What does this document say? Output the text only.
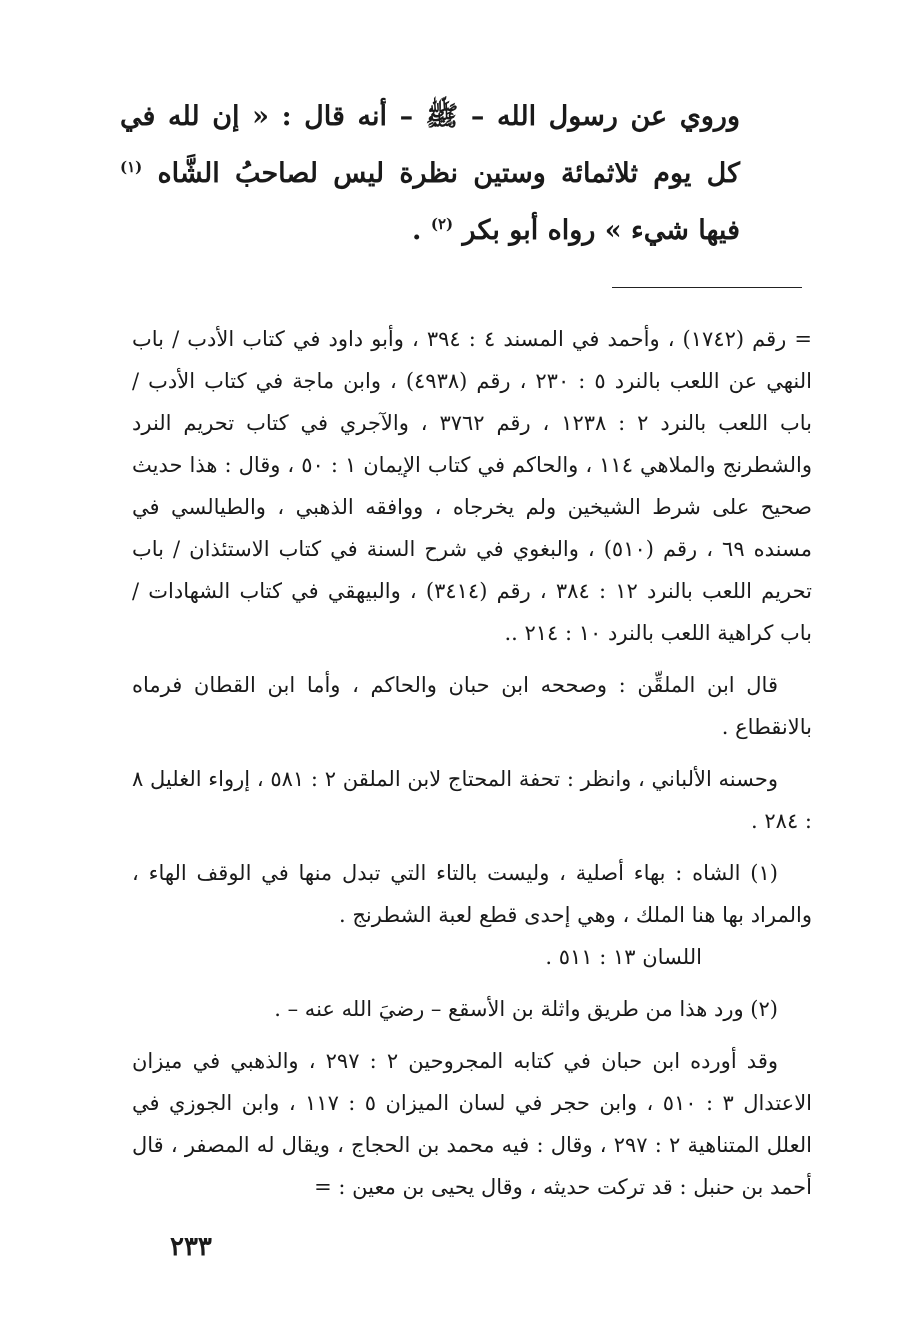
وروي عن رسول الله – ﷺ – أنه قال : « إن لله في كل يوم ثلاثمائة وستين نظرة ليس لصاحبُ الشَّاه $^{(١)}$ فيها شيء » رواه أبو بكر $^{(٢)}$ .

= رقم (١٧٤٢) ، وأحمد في المسند ٤ : ٣٩٤ ، وأبو داود في كتاب الأدب / باب النهي عن اللعب بالنرد ٥ : ٢٣٠ ، رقم (٤٩٣٨) ، وابن ماجة في كتاب الأدب / باب اللعب بالنرد ٢ : ١٢٣٨ ، رقم ٣٧٦٢ ، والآجري في كتاب تحريم النرد والشطرنج والملاهي ١١٤ ، والحاكم في كتاب الإيمان ١ : ٥٠ ، وقال : هذا حديث صحيح على شرط الشيخين ولم يخرجاه ، ووافقه الذهبي ، والطيالسي في مسنده ٦٩ ، رقم (٥١٠) ، والبغوي في شرح السنة في كتاب الاستئذان / باب تحريم اللعب بالنرد ١٢ : ٣٨٤ ، رقم (٣٤١٤) ، والبيهقي في كتاب الشهادات / باب كراهية اللعب بالنرد ١٠ : ٢١٤ ..

قال ابن الملقِّن : وصححه ابن حبان والحاكم ، وأما ابن القطان فرماه بالانقطاع .

وحسنه الألباني ، وانظر : تحفة المحتاج لابن الملقن ٢ : ٥٨١ ، إرواء الغليل ٨ : ٢٨٤ .

(١) الشاه : بهاء أصلية ، وليست بالتاء التي تبدل منها في الوقف الهاء ، والمراد بها هنا الملك ، وهي إحدى قطع لعبة الشطرنج .

اللسان ١٣ : ٥١١ .

(٢) ورد هذا من طريق واثلة بن الأسقع – رضيَ الله عنه – .

وقد أورده ابن حبان في كتابه المجروحين ٢ : ٢٩٧ ، والذهبي في ميزان الاعتدال ٣ : ٥١٠ ، وابن حجر في لسان الميزان ٥ : ١١٧ ، وابن الجوزي في العلل المتناهية ٢ : ٢٩٧ ، وقال : فيه محمد بن الحجاج ، ويقال له المصفر ، قال أحمد بن حنبل : قد تركت حديثه ، وقال يحيى بن معين : =

٢٣٣
